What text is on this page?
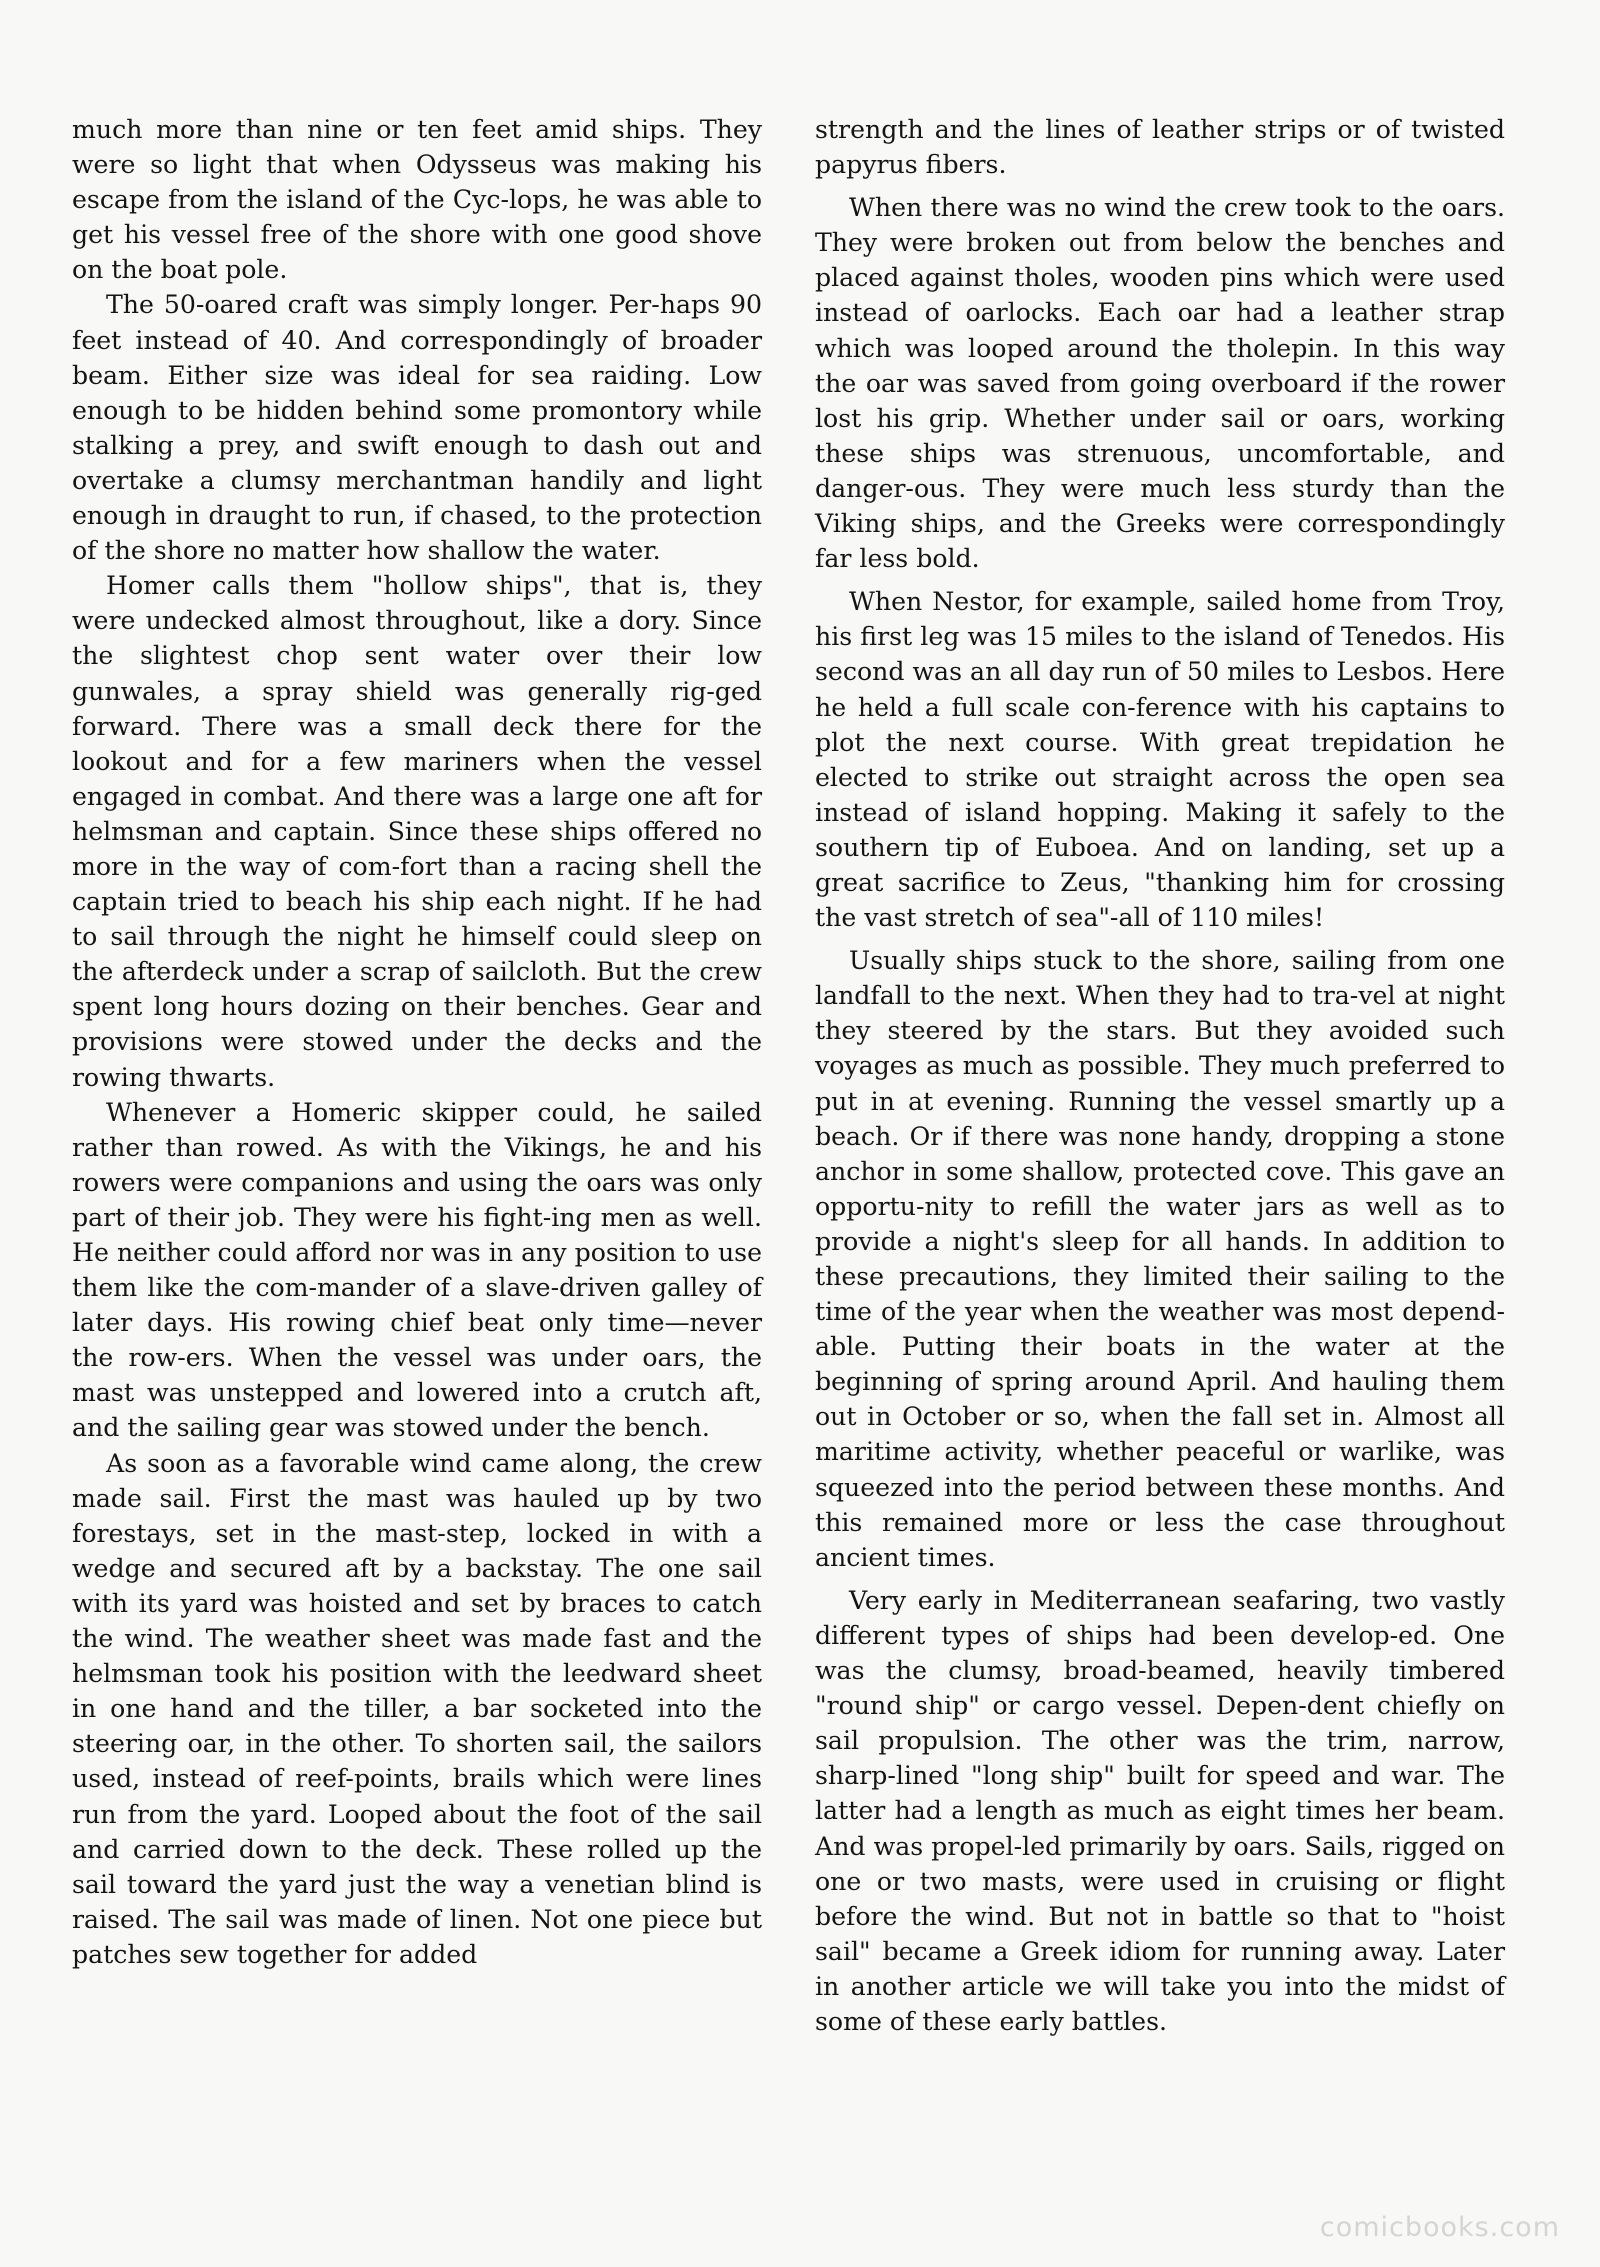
much more than nine or ten feet amid ships. They were so light that when Odysseus was making his escape from the island of the Cyc-lops, he was able to get his vessel free of the shore with one good shove on the boat pole.

The 50-oared craft was simply longer. Per-haps 90 feet instead of 40. And correspondingly of broader beam. Either size was ideal for sea raiding. Low enough to be hidden behind some promontory while stalking a prey, and swift enough to dash out and overtake a clumsy merchantman handily and light enough in draught to run, if chased, to the protection of the shore no matter how shallow the water.

Homer calls them "hollow ships", that is, they were undecked almost throughout, like a dory. Since the slightest chop sent water over their low gunwales, a spray shield was generally rig-ged forward. There was a small deck there for the lookout and for a few mariners when the vessel engaged in combat. And there was a large one aft for helmsman and captain. Since these ships offered no more in the way of com-fort than a racing shell the captain tried to beach his ship each night. If he had to sail through the night he himself could sleep on the afterdeck under a scrap of sailcloth. But the crew spent long hours dozing on their benches. Gear and provisions were stowed under the decks and the rowing thwarts.

Whenever a Homeric skipper could, he sailed rather than rowed. As with the Vikings, he and his rowers were companions and using the oars was only part of their job. They were his fight-ing men as well. He neither could afford nor was in any position to use them like the com-mander of a slave-driven galley of later days. His rowing chief beat only time—never the row-ers. When the vessel was under oars, the mast was unstepped and lowered into a crutch aft, and the sailing gear was stowed under the bench.

As soon as a favorable wind came along, the crew made sail. First the mast was hauled up by two forestays, set in the mast-step, locked in with a wedge and secured aft by a backstay. The one sail with its yard was hoisted and set by braces to catch the wind. The weather sheet was made fast and the helmsman took his position with the leedward sheet in one hand and the tiller, a bar socketed into the steering oar, in the other. To shorten sail, the sailors used, instead of reef-points, brails which were lines run from the yard. Looped about the foot of the sail and carried down to the deck. These rolled up the sail toward the yard just the way a venetian blind is raised. The sail was made of linen. Not one piece but patches sew together for added

strength and the lines of leather strips or of twisted papyrus fibers.

When there was no wind the crew took to the oars. They were broken out from below the benches and placed against tholes, wooden pins which were used instead of oarlocks. Each oar had a leather strap which was looped around the tholepin. In this way the oar was saved from going overboard if the rower lost his grip. Whether under sail or oars, working these ships was strenuous, uncomfortable, and danger-ous. They were much less sturdy than the Viking ships, and the Greeks were correspondingly far less bold.

When Nestor, for example, sailed home from Troy, his first leg was 15 miles to the island of Tenedos. His second was an all day run of 50 miles to Lesbos. Here he held a full scale con-ference with his captains to plot the next course. With great trepidation he elected to strike out straight across the open sea instead of island hopping. Making it safely to the southern tip of Euboea. And on landing, set up a great sacrifice to Zeus, "thanking him for crossing the vast stretch of sea"-all of 110 miles!

Usually ships stuck to the shore, sailing from one landfall to the next. When they had to tra-vel at night they steered by the stars. But they avoided such voyages as much as possible. They much preferred to put in at evening. Running the vessel smartly up a beach. Or if there was none handy, dropping a stone anchor in some shallow, protected cove. This gave an opportu-nity to refill the water jars as well as to provide a night's sleep for all hands. In addition to these precautions, they limited their sailing to the time of the year when the weather was most depend-able. Putting their boats in the water at the beginning of spring around April. And hauling them out in October or so, when the fall set in. Almost all maritime activity, whether peaceful or warlike, was squeezed into the period between these months. And this remained more or less the case throughout ancient times.

Very early in Mediterranean seafaring, two vastly different types of ships had been develop-ed. One was the clumsy, broad-beamed, heavily timbered "round ship" or cargo vessel. Depen-dent chiefly on sail propulsion. The other was the trim, narrow, sharp-lined "long ship" built for speed and war. The latter had a length as much as eight times her beam. And was propel-led primarily by oars. Sails, rigged on one or two masts, were used in cruising or flight before the wind. But not in battle so that to "hoist sail" became a Greek idiom for running away. Later in another article we will take you into the midst of some of these early battles.

comicbooks.com
